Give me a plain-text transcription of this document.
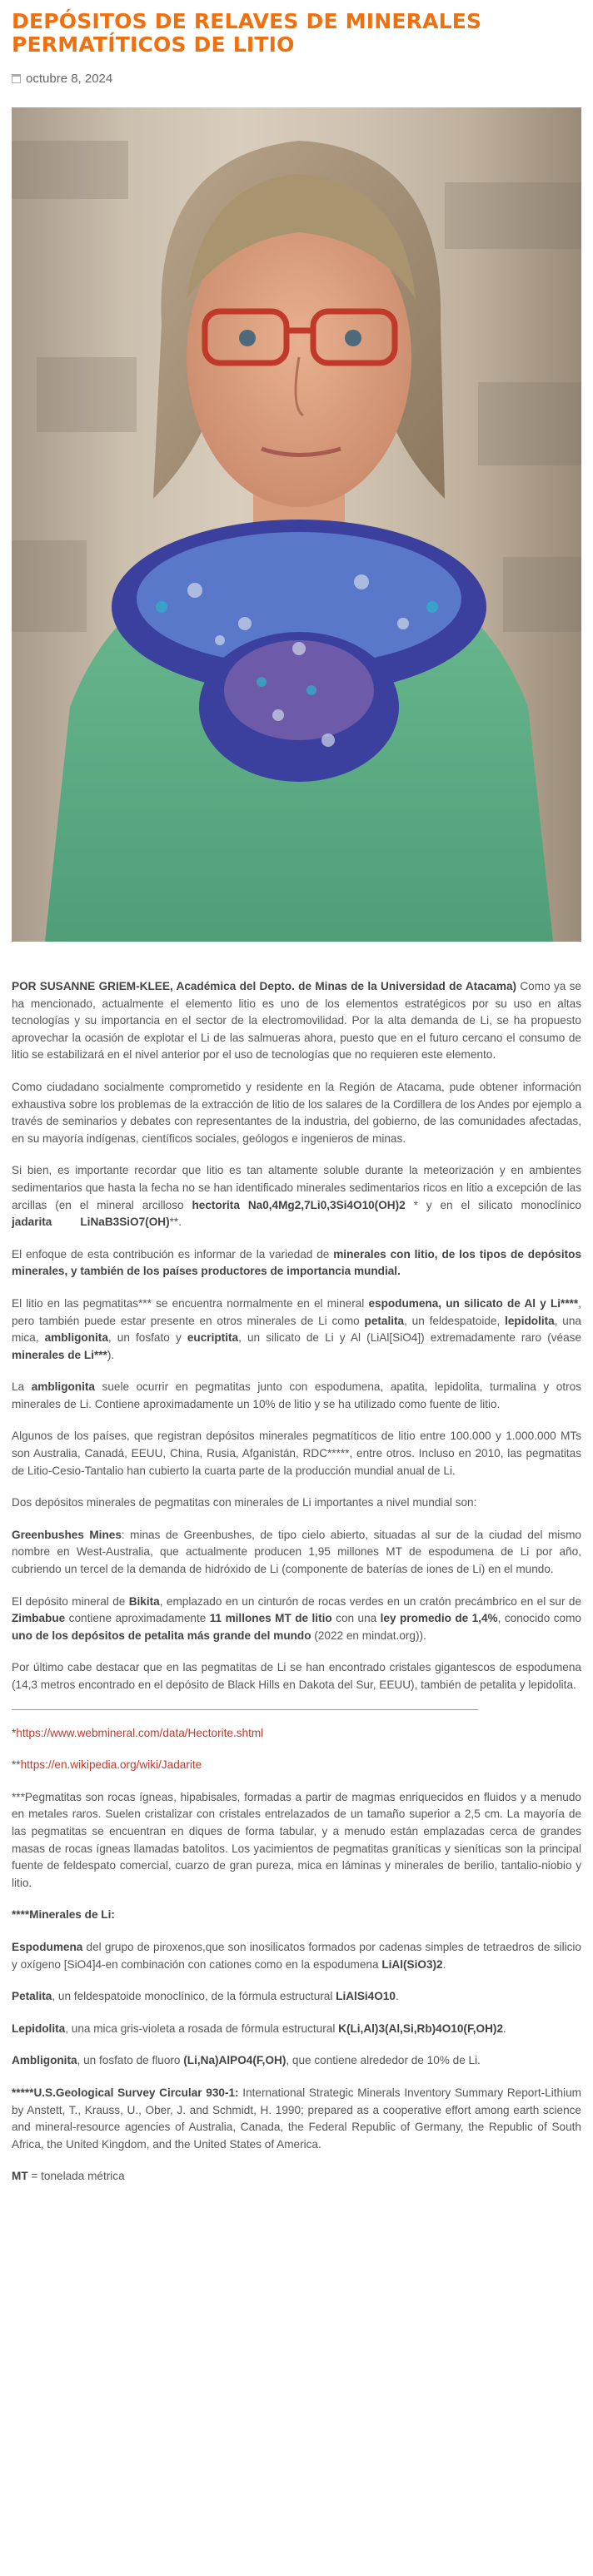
DEPÓSITOS DE RELAVES DE MINERALES PERMATÍTICOS DE LITIO
octubre 8, 2024

POR SUSANNE GRIEM-KLEE, Académica del Depto. de Minas de la Universidad de Atacama) Como ya se ha mencionado, actualmente el elemento litio es uno de los elementos estratégicos por su uso en altas tecnologías y su importancia en el sector de la electromovilidad. Por la alta demanda de Li, se ha propuesto aprovechar la ocasión de explotar el Li de las salmueras ahora, puesto que en el futuro cercano el consumo de litio se estabilizará en el nivel anterior por el uso de tecnologías que no requieren este elemento.

Como ciudadano socialmente comprometido y residente en la Región de Atacama, pude obtener información exhaustiva sobre los problemas de la extracción de litio de los salares de la Cordillera de los Andes por ejemplo a través de seminarios y debates con representantes de la industria, del gobierno, de las comunidades afectadas, en su mayoría indígenas, científicos sociales, geólogos e ingenieros de minas.

Si bien, es importante recordar que litio es tan altamente soluble durante la meteorización y en ambientes sedimentarios que hasta la fecha no se han identificado minerales sedimentarios ricos en litio a excepción de las arcillas (en el mineral arcilloso hectorita Na0,4Mg2,7Li0,3Si4O10(OH)2 * y en el silicato monoclínico jadarita	LiNaB3SiO7(OH)**.

El enfoque de esta contribución es informar de la variedad de minerales con litio, de los tipos de depósitos minerales, y también de los países productores de importancia mundial.

El litio en las pegmatitas*** se encuentra normalmente en el mineral espodumena, un silicato de Al y Li****, pero también puede estar presente en otros minerales de Li como petalita, un feldespatoide, lepidolita, una mica, ambligonita, un fosfato y eucriptita, un silicato de Li y Al (LiAl[SiO4]) extremadamente raro (véase minerales de Li***).

La ambligonita suele ocurrir en pegmatitas junto con espodumena, apatita, lepidolita, turmalina y otros minerales de Li. Contiene aproximadamente un 10% de litio y se ha utilizado como fuente de litio.

Algunos de los países, que registran depósitos minerales pegmatíticos de litio entre 100.000 y 1.000.000 MTs son Australia, Canadá, EEUU, China, Rusia, Afganistán, RDC*****, entre otros. Incluso en 2010, las pegmatitas de Litio-Cesio-Tantalio han cubierto la cuarta parte de la producción mundial anual de Li.

Dos depósitos minerales de pegmatitas con minerales de Li importantes a nivel mundial son:

Greenbushes Mines: minas de Greenbushes, de tipo cielo abierto, situadas al sur de la ciudad del mismo nombre en West-Australia, que actualmente producen 1,95 millones MT de espodumena de Li por año, cubriendo un tercel de la demanda de hidróxido de Li (componente de baterías de iones de Li) en el mundo.

El depósito mineral de Bikita, emplazado en un cinturón de rocas verdes en un cratón precámbrico en el sur de Zimbabue contiene aproximadamente 11 millones MT de litio con una ley promedio de 1,4%, conocido como uno de los depósitos de petalita más grande del mundo (2022 en mindat.org)).

Por último cabe destacar que en las pegmatitas de Li se han encontrado cristales gigantescos de espodumena (14,3 metros encontrado en el depósito de Black Hills en Dakota del Sur, EEUU), también de petalita y lepidolita.

*https://www.webmineral.com/data/Hectorite.shtml

**https://en.wikipedia.org/wiki/Jadarite

***Pegmatitas son rocas ígneas, hipabisales, formadas a partir de magmas enriquecidos en fluidos y a menudo en metales raros. Suelen cristalizar con cristales entrelazados de un tamaño superior a 2,5 cm. La mayoría de las pegmatitas se encuentran en diques de forma tabular, y a menudo están emplazadas cerca de grandes masas de rocas ígneas llamadas batolitos. Los yacimientos de pegmatitas graníticas y sieníticas son la principal fuente de feldespato comercial, cuarzo de gran pureza, mica en láminas y minerales de berilio, tantalio-niobio y litio.

****Minerales de Li:

Espodumena del grupo de piroxenos,que son inosilicatos formados por cadenas simples de tetraedros de silicio y oxígeno [SiO4]4-en combinación con cationes como en la espodumena LiAl(SiO3)2.

Petalita, un feldespatoide monoclínico, de la fórmula estructural LiAlSi4O10.

Lepidolita, una mica gris-violeta a rosada de fórmula estructural K(Li,Al)3(Al,Si,Rb)4O10(F,OH)2.

Ambligonita, un fosfato de fluoro (Li,Na)AlPO4(F,OH), que contiene alrededor de 10% de Li.

*****U.S.Geological Survey Circular 930-1: International Strategic Minerals Inventory Summary Report-Lithium by Anstett, T., Krauss, U., Ober, J. and Schmidt, H. 1990; prepared as a cooperative effort among earth science and mineral-resource agencies of Australia, Canada, the Federal Republic of Germany, the Republic of South Africa, the United Kingdom, and the United States of America.

MT = tonelada métrica
